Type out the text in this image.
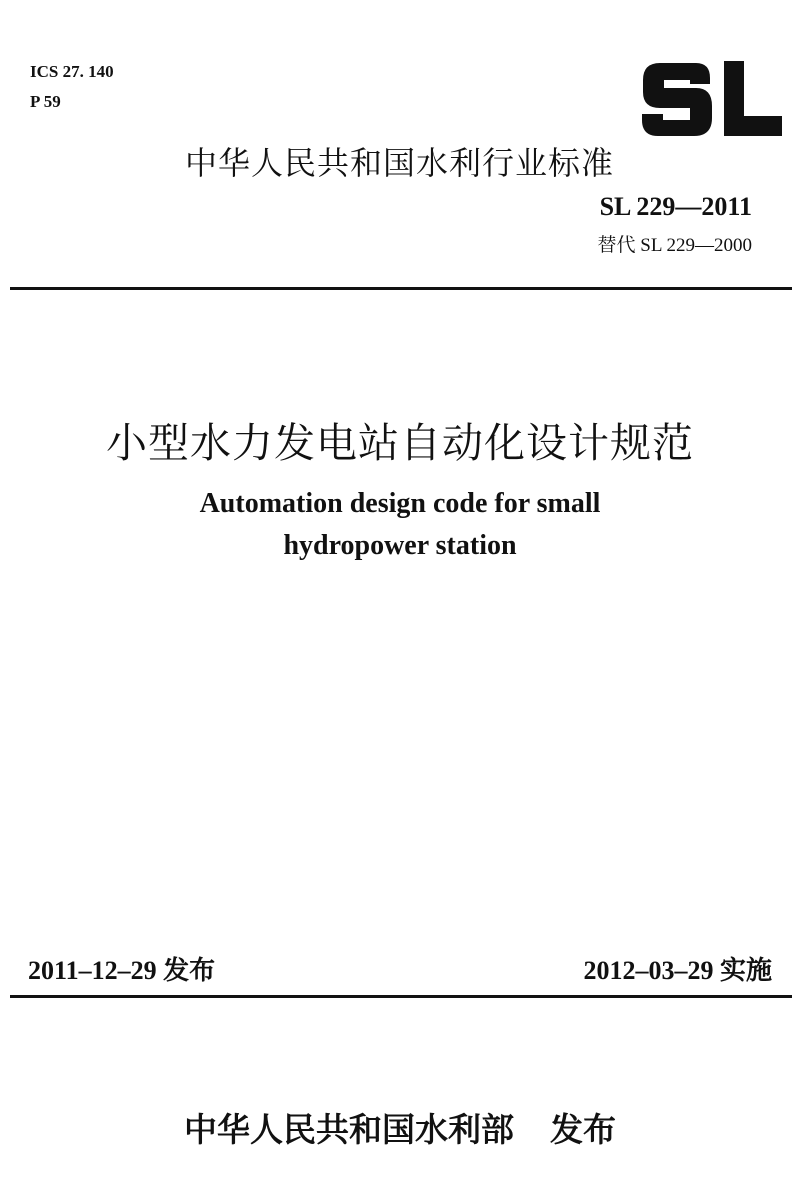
ICS 27. 140
P 59
中华人民共和国水利行业标准
SL 229—2011
替代 SL 229—2000
小型水力发电站自动化设计规范
Automation design code for small
hydropower station
2011–12–29 发布	2012–03–29 实施
中华人民共和国水利部 发布
